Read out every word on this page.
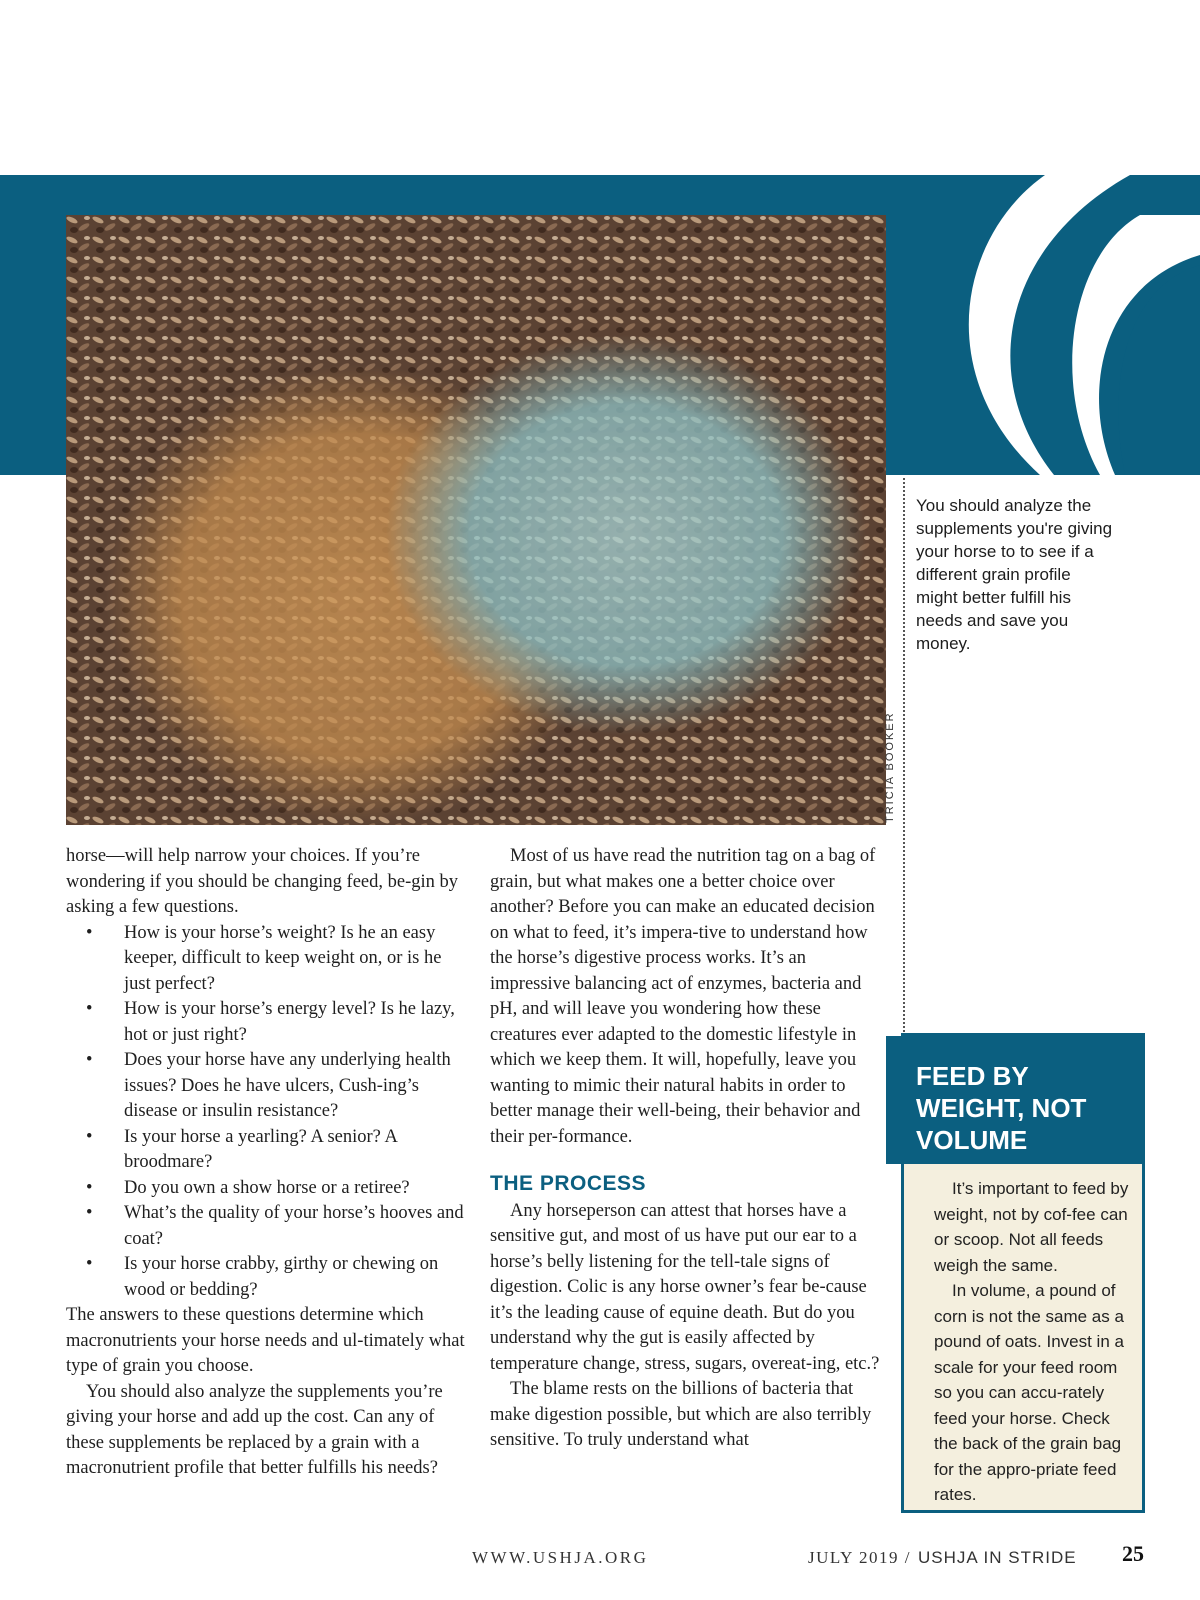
TRICIA BOOKER
You should analyze the supplements you're giving your horse to to see if a different grain profile might better fulfill his needs and save you money.

horse—will help narrow your choices. If you’re wondering if you should be changing feed, be-gin by asking a few questions.

• How is your horse’s weight? Is he an easy keeper, difficult to keep weight on, or is he just perfect?
• How is your horse’s energy level? Is he lazy, hot or just right?
• Does your horse have any underlying health issues? Does he have ulcers, Cush-ing’s disease or insulin resistance?
• Is your horse a yearling? A senior? A broodmare?
• Do you own a show horse or a retiree?
• What’s the quality of your horse’s hooves and coat?
• Is your horse crabby, girthy or chewing on wood or bedding?

The answers to these questions determine which macronutrients your horse needs and ul-timately what type of grain you choose.

You should also analyze the supplements you’re giving your horse and add up the cost. Can any of these supplements be replaced by a grain with a macronutrient profile that better fulfills his needs?

Most of us have read the nutrition tag on a bag of grain, but what makes one a better choice over another? Before you can make an educated decision on what to feed, it’s impera-tive to understand how the horse’s digestive process works. It’s an impressive balancing act of enzymes, bacteria and pH, and will leave you wondering how these creatures ever adapted to the domestic lifestyle in which we keep them. It will, hopefully, leave you wanting to mimic their natural habits in order to better manage their well-being, their behavior and their per-formance.

THE PROCESS

Any horseperson can attest that horses have a sensitive gut, and most of us have put our ear to a horse’s belly listening for the tell-tale signs of digestion. Colic is any horse owner’s fear be-cause it’s the leading cause of equine death. But do you understand why the gut is easily affected by temperature change, stress, sugars, overeat-ing, etc.?

The blame rests on the billions of bacteria that make digestion possible, but which are also terribly sensitive. To truly understand what

FEED BY
WEIGHT, NOT
VOLUME

It’s important to feed by weight, not by cof-fee can or scoop. Not all feeds weigh the same.

In volume, a pound of corn is not the same as a pound of oats. Invest in a scale for your feed room so you can accu-rately feed your horse. Check the back of the grain bag for the appro-priate feed rates.

WWW.USHJA.ORG	JULY 2019 / USHJA IN STRIDE 25
